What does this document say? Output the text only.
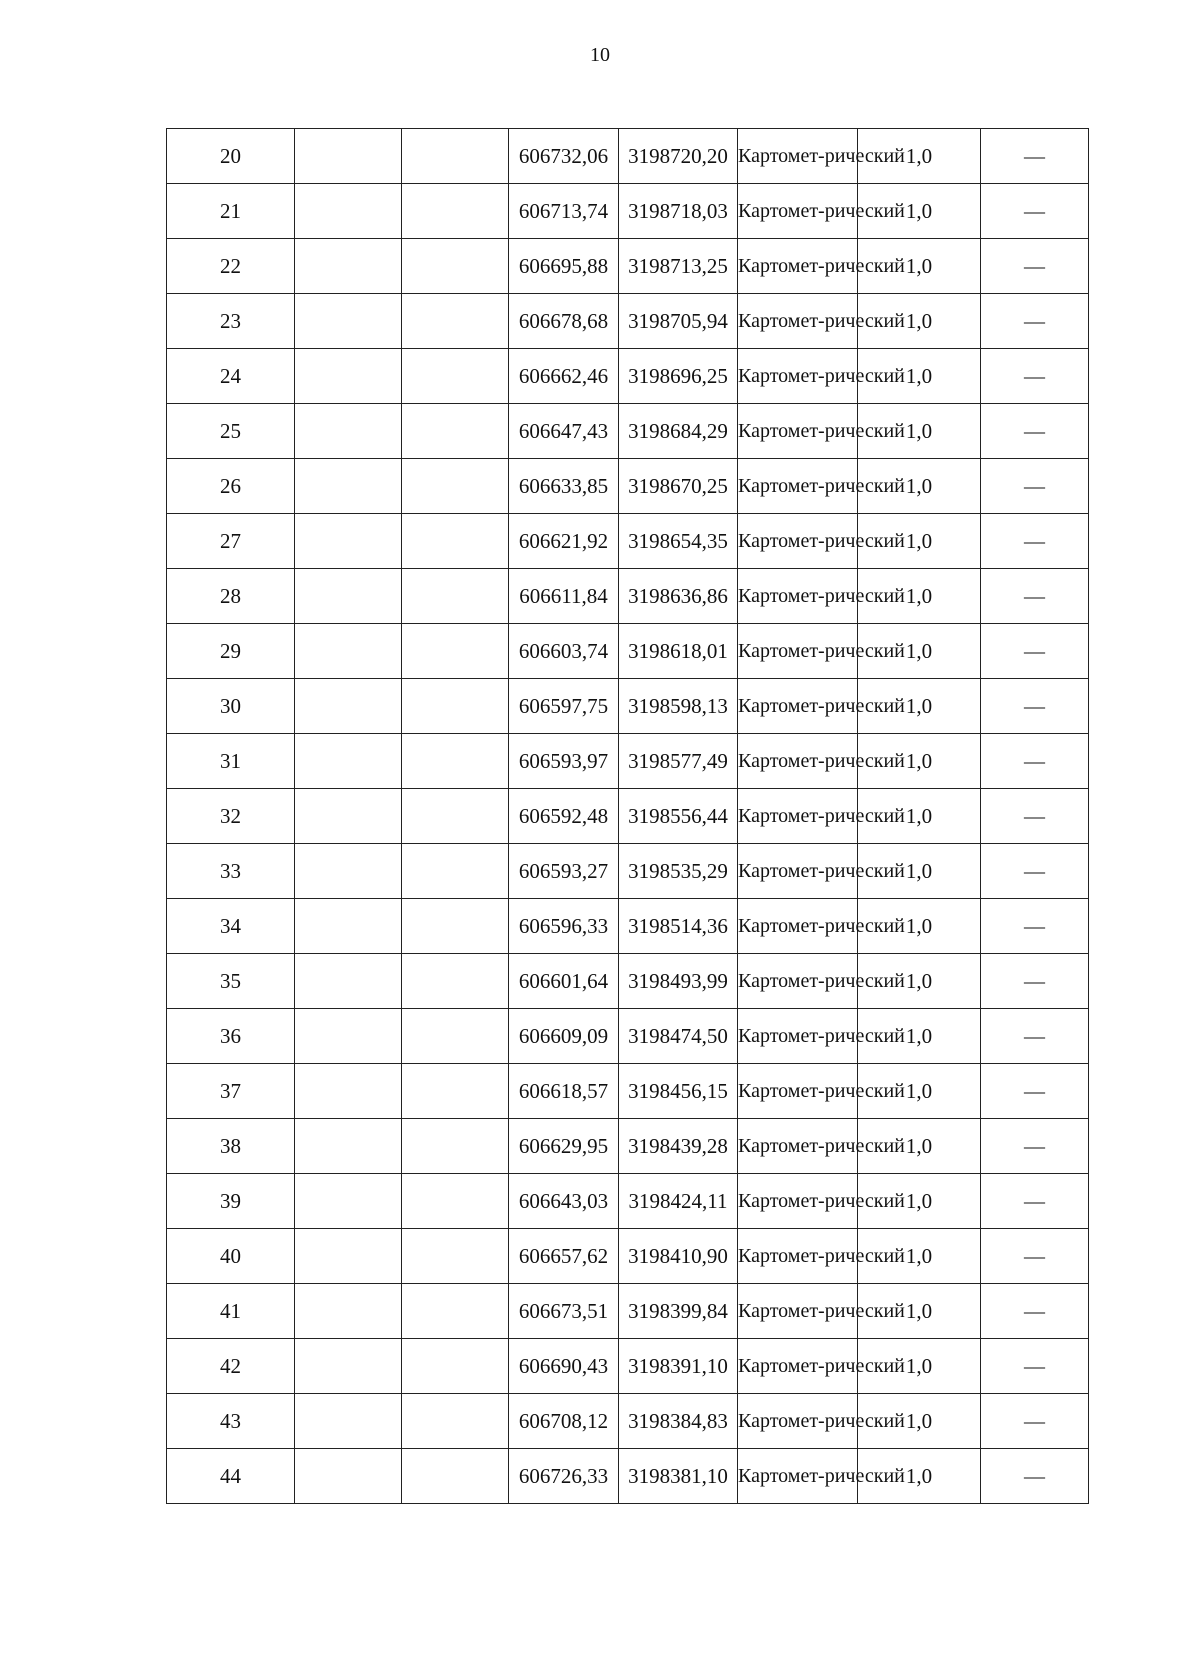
10
20			606732,06	3198720,20	Картомет-рический	1,0	—
21			606713,74	3198718,03	Картомет-рический	1,0	—
22			606695,88	3198713,25	Картомет-рический	1,0	—
23			606678,68	3198705,94	Картомет-рический	1,0	—
24			606662,46	3198696,25	Картомет-рический	1,0	—
25			606647,43	3198684,29	Картомет-рический	1,0	—
26			606633,85	3198670,25	Картомет-рический	1,0	—
27			606621,92	3198654,35	Картомет-рический	1,0	—
28			606611,84	3198636,86	Картомет-рический	1,0	—
29			606603,74	3198618,01	Картомет-рический	1,0	—
30			606597,75	3198598,13	Картомет-рический	1,0	—
31			606593,97	3198577,49	Картомет-рический	1,0	—
32			606592,48	3198556,44	Картомет-рический	1,0	—
33			606593,27	3198535,29	Картомет-рический	1,0	—
34			606596,33	3198514,36	Картомет-рический	1,0	—
35			606601,64	3198493,99	Картомет-рический	1,0	—
36			606609,09	3198474,50	Картомет-рический	1,0	—
37			606618,57	3198456,15	Картомет-рический	1,0	—
38			606629,95	3198439,28	Картомет-рический	1,0	—
39			606643,03	3198424,11	Картомет-рический	1,0	—
40			606657,62	3198410,90	Картомет-рический	1,0	—
41			606673,51	3198399,84	Картомет-рический	1,0	—
42			606690,43	3198391,10	Картомет-рический	1,0	—
43			606708,12	3198384,83	Картомет-рический	1,0	—
44			606726,33	3198381,10	Картомет-рический	1,0	—
